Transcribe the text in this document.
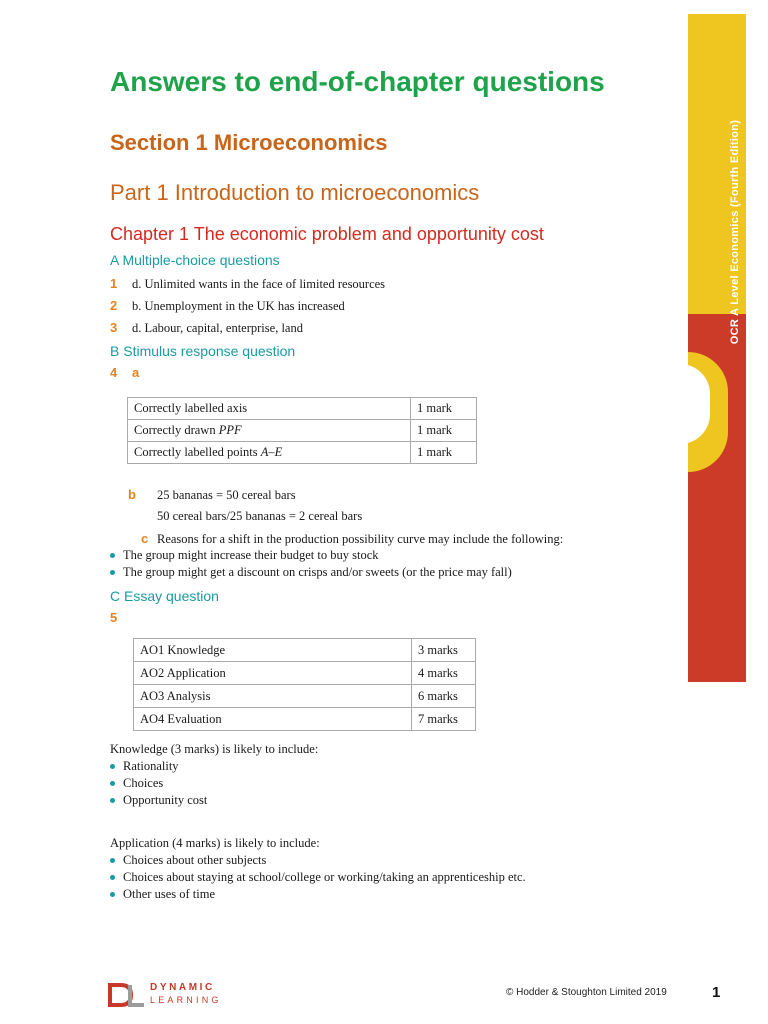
OCR A Level Economics (Fourth Edition)
Answers to end-of-chapter questions
Section 1 Microeconomics
Part 1 Introduction to microeconomics
Chapter 1 The economic problem and opportunity cost
A Multiple-choice questions
1 d. Unlimited wants in the face of limited resources
2 b. Unemployment in the UK has increased
3 d. Labour, capital, enterprise, land
B Stimulus response question
4 a
Correctly labelled axis	1 mark
Correctly drawn PPF	1 mark
Correctly labelled points A–E	1 mark
b 25 bananas = 50 cereal bars
50 cereal bars/25 bananas = 2 cereal bars
c Reasons for a shift in the production possibility curve may include the following:
The group might increase their budget to buy stock
The group might get a discount on crisps and/or sweets (or the price may fall)
C Essay question
5
AO1 Knowledge	3 marks
AO2 Application	4 marks
AO3 Analysis	6 marks
AO4 Evaluation	7 marks
Knowledge (3 marks) is likely to include:
Rationality
Choices
Opportunity cost
Application (4 marks) is likely to include:
Choices about other subjects
Choices about staying at school/college or working/taking an apprenticeship etc.
Other uses of time
DYNAMIC
LEARNING
© Hodder & Stoughton Limited 2019	1
